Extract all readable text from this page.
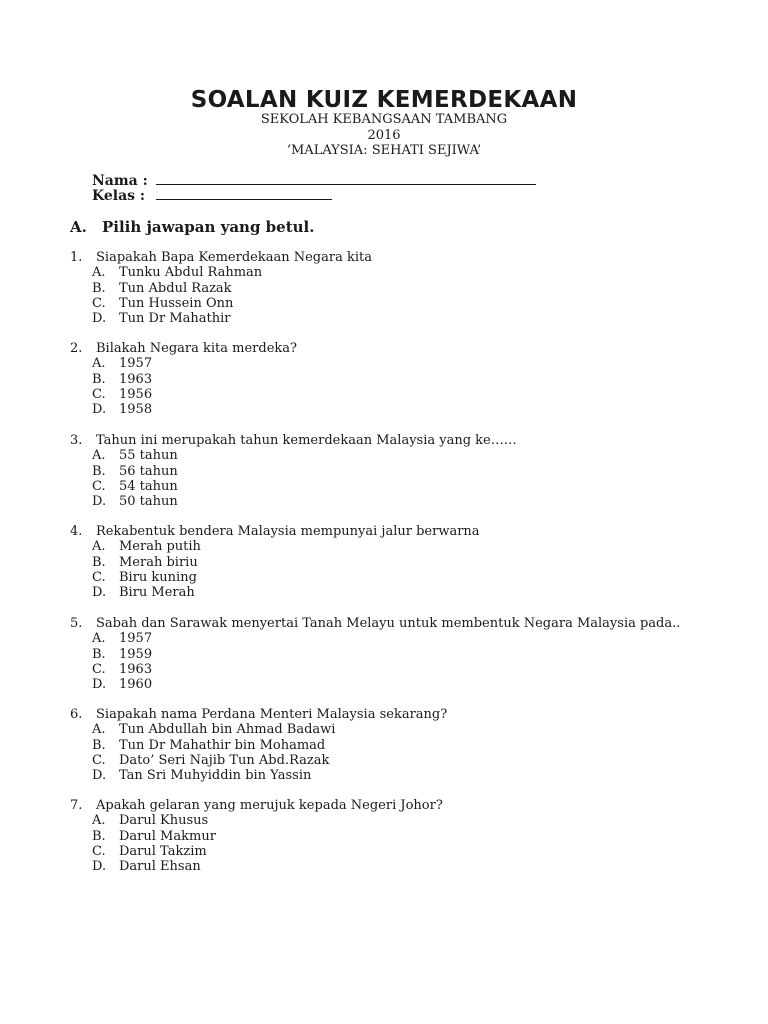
SOALAN KUIZ KEMERDEKAAN
SEKOLAH KEBANGSAAN TAMBANG
2016
‘MALAYSIA: SEHATI SEJIWA’
Nama :
Kelas :
A. Pilih jawapan yang betul.
1. Siapakah Bapa Kemerdekaan Negara kita
A. Tunku Abdul Rahman
B. Tun Abdul Razak
C. Tun Hussein Onn
D. Tun Dr Mahathir
2. Bilakah Negara kita merdeka?
A. 1957
B. 1963
C. 1956
D. 1958
3. Tahun ini merupakah tahun kemerdekaan Malaysia yang ke……
A. 55 tahun
B. 56 tahun
C. 54 tahun
D. 50 tahun
4. Rekabentuk bendera Malaysia mempunyai jalur berwarna
A. Merah putih
B. Merah biriu
C. Biru kuning
D. Biru Merah
5. Sabah dan Sarawak menyertai Tanah Melayu untuk membentuk Negara Malaysia pada..
A. 1957
B. 1959
C. 1963
D. 1960
6. Siapakah nama Perdana Menteri Malaysia sekarang?
A. Tun Abdullah bin Ahmad Badawi
B. Tun Dr Mahathir bin Mohamad
C. Dato’ Seri Najib Tun Abd.Razak
D. Tan Sri Muhyiddin bin Yassin
7. Apakah gelaran yang merujuk kepada Negeri Johor?
A. Darul Khusus
B. Darul Makmur
C. Darul Takzim
D. Darul Ehsan
